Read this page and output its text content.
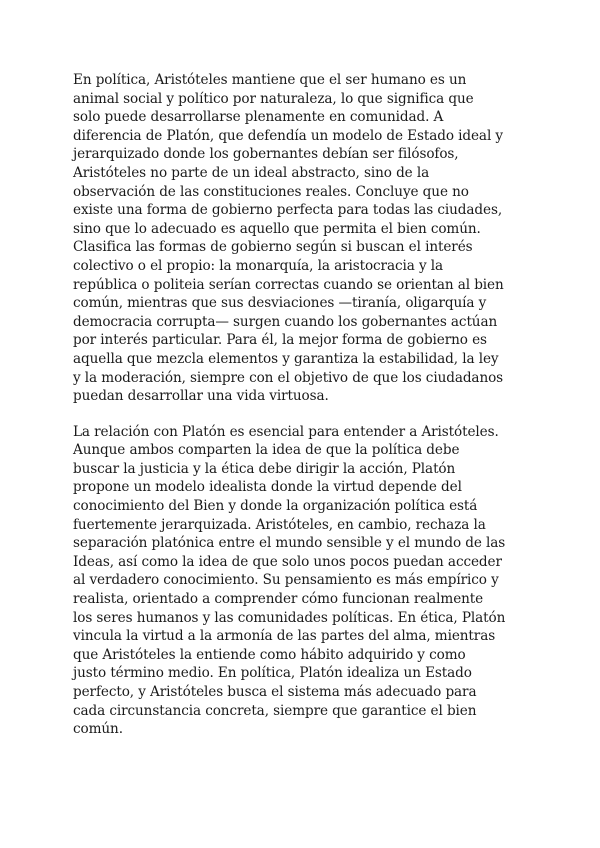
En política, Aristóteles mantiene que el ser humano es un
animal social y político por naturaleza, lo que significa que
solo puede desarrollarse plenamente en comunidad. A
diferencia de Platón, que defendía un modelo de Estado ideal y
jerarquizado donde los gobernantes debían ser filósofos,
Aristóteles no parte de un ideal abstracto, sino de la
observación de las constituciones reales. Concluye que no
existe una forma de gobierno perfecta para todas las ciudades,
sino que lo adecuado es aquello que permita el bien común.
Clasifica las formas de gobierno según si buscan el interés
colectivo o el propio: la monarquía, la aristocracia y la
república o politeia serían correctas cuando se orientan al bien
común, mientras que sus desviaciones —tiranía, oligarquía y
democracia corrupta— surgen cuando los gobernantes actúan
por interés particular. Para él, la mejor forma de gobierno es
aquella que mezcla elementos y garantiza la estabilidad, la ley
y la moderación, siempre con el objetivo de que los ciudadanos
puedan desarrollar una vida virtuosa.

La relación con Platón es esencial para entender a Aristóteles.
Aunque ambos comparten la idea de que la política debe
buscar la justicia y la ética debe dirigir la acción, Platón
propone un modelo idealista donde la virtud depende del
conocimiento del Bien y donde la organización política está
fuertemente jerarquizada. Aristóteles, en cambio, rechaza la
separación platónica entre el mundo sensible y el mundo de las
Ideas, así como la idea de que solo unos pocos puedan acceder
al verdadero conocimiento. Su pensamiento es más empírico y
realista, orientado a comprender cómo funcionan realmente
los seres humanos y las comunidades políticas. En ética, Platón
vincula la virtud a la armonía de las partes del alma, mientras
que Aristóteles la entiende como hábito adquirido y como
justo término medio. En política, Platón idealiza un Estado
perfecto, y Aristóteles busca el sistema más adecuado para
cada circunstancia concreta, siempre que garantice el bien
común.
